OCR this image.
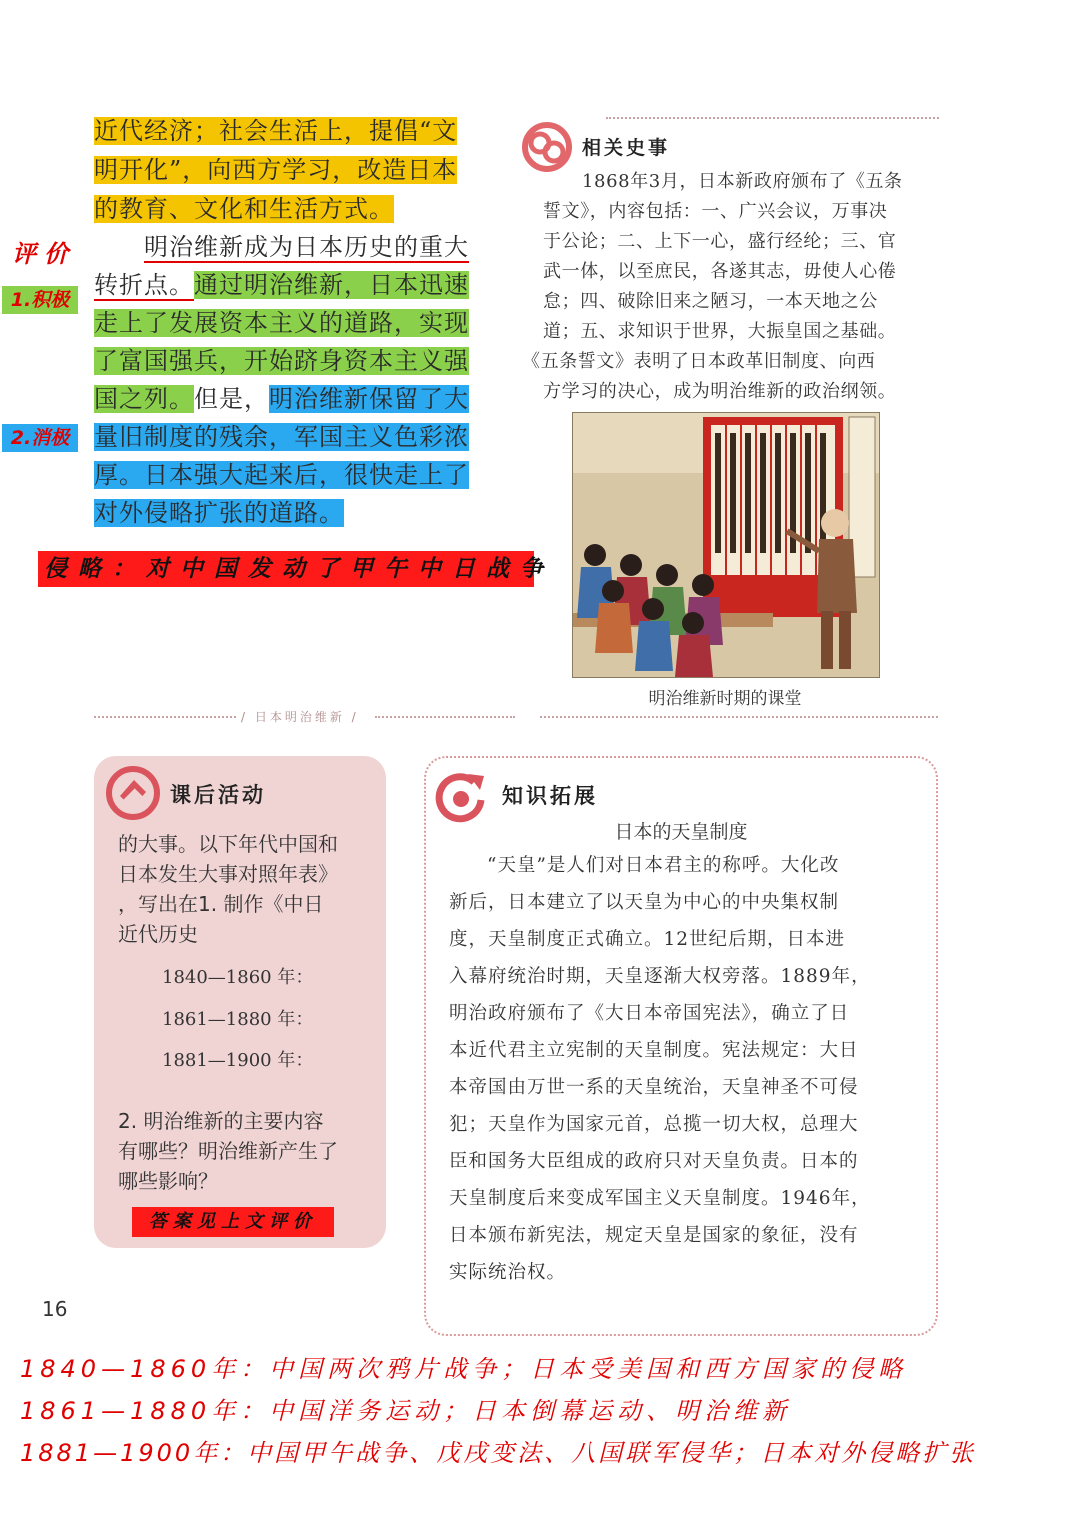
近代经济；社会生活上，提倡“文
明开化”，向西方学习，改造日本
的教育、文化和生活方式。
明治维新成为日本历史的重大
转折点。通过明治维新，日本迅速
走上了发展资本主义的道路，实现
了富国强兵，开始跻身资本主义强
国之列。但是，明治维新保留了大
量旧制度的残余，军国主义色彩浓
厚。日本强大起来后，很快走上了
对外侵略扩张的道路。
评价
1.积极
2.消极
侵略：对中国发动了甲午中日战争
相关史事
1868年3月，日本新政府颁布了《五条
誓文》，内容包括：一、广兴会议，万事决
于公论；二、上下一心，盛行经纶；三、官
武一体，以至庶民，各遂其志，毋使人心倦
怠；四、破除旧来之陋习，一本天地之公
道；五、求知识于世界，大振皇国之基础。
《五条誓文》表明了日本政革旧制度、向西
方学习的决心，成为明治维新的政治纲领。
明治维新时期的课堂
/ 日本明治维新 /
课后活动
的大事。以下年代中国和
日本发生大事对照年表》
，写出在1. 制作《中日
近代历史
1840—1860 年：
1861—1880 年：
1881—1900 年：
2. 明治维新的主要内容
有哪些？明治维新产生了
哪些影响？
答案见上文评价
知识拓展
日本的天皇制度
“天皇”是人们对日本君主的称呼。大化改
新后，日本建立了以天皇为中心的中央集权制
度，天皇制度正式确立。12世纪后期，日本进
入幕府统治时期，天皇逐渐大权旁落。1889年，
明治政府颁布了《大日本帝国宪法》，确立了日
本近代君主立宪制的天皇制度。宪法规定：大日
本帝国由万世一系的天皇统治，天皇神圣不可侵
犯；天皇作为国家元首，总揽一切大权，总理大
臣和国务大臣组成的政府只对天皇负责。日本的
天皇制度后来变成军国主义天皇制度。1946年，
日本颁布新宪法，规定天皇是国家的象征，没有
实际统治权。
16
1840—1860年：中国两次鸦片战争；日本受美国和西方国家的侵略
1861—1880年：中国洋务运动；日本倒幕运动、明治维新
1881—1900年：中国甲午战争、戊戌变法、八国联军侵华；日本对外侵略扩张
